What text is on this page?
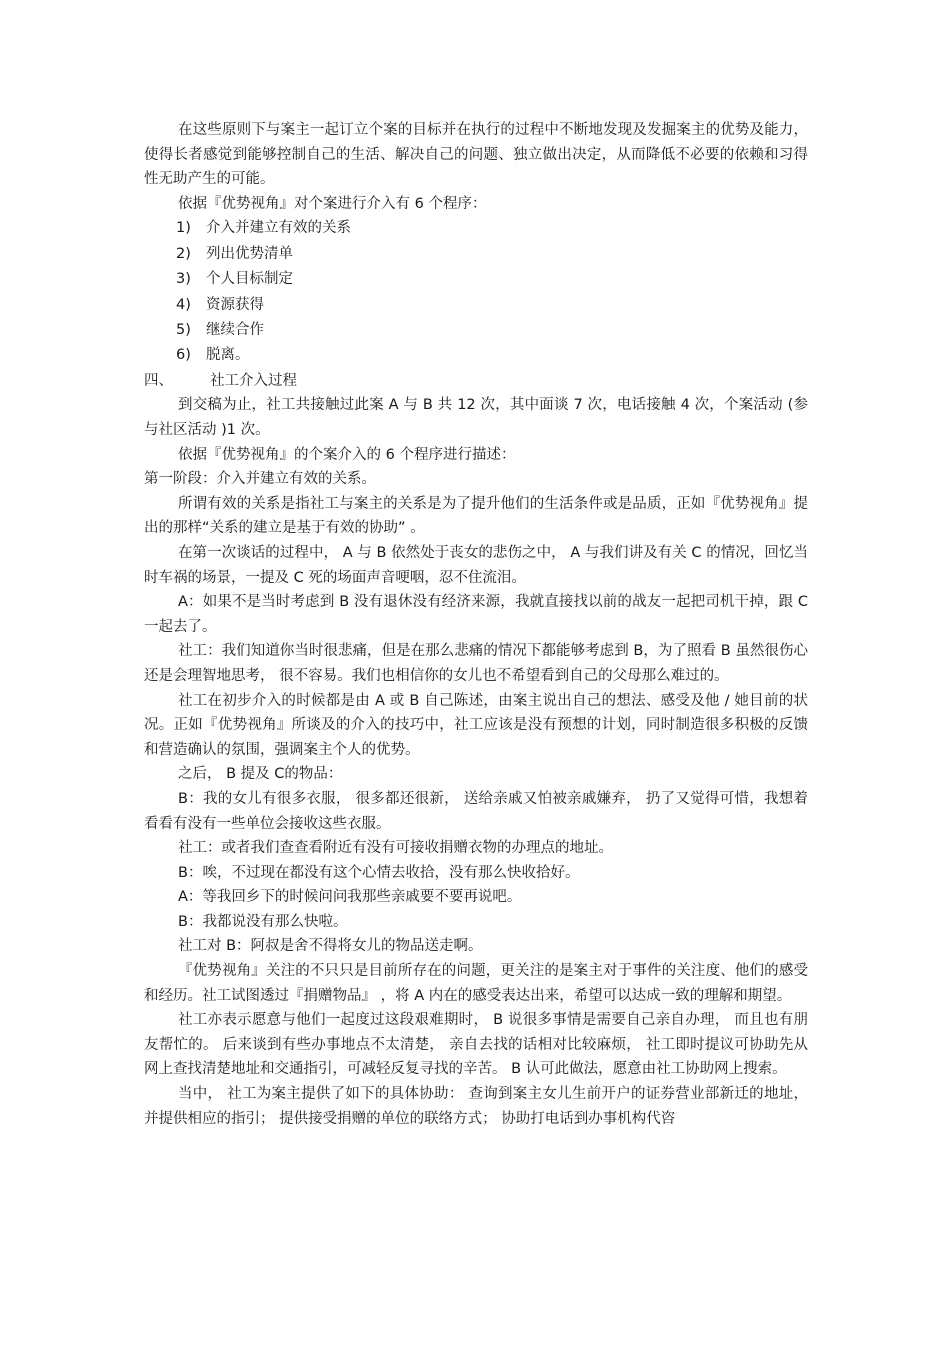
在这些原则下与案主一起订立个案的目标并在执行的过程中不断地发现及发掘案主的优势及能力，使得长者感觉到能够控制自己的生活、解决自己的问题、独立做出决定，从而降低不必要的依赖和习得性无助产生的可能。

依据『优势视角』对个案进行介入有 6 个程序：

1) 介入并建立有效的关系

2) 列出优势清单

3) 个人目标制定

4) 资源获得

5) 继续合作

6) 脱离。

四、	社工介入过程

到交稿为止，社工共接触过此案 A 与 B 共 12 次，其中面谈 7 次，电话接触 4 次，个案活动 (参与社区活动 )1 次。

依据『优势视角』的个案介入的 6 个程序进行描述：

第一阶段：介入并建立有效的关系。

所谓有效的关系是指社工与案主的关系是为了提升他们的生活条件或是品质，正如『优势视角』提出的那样“关系的建立是基于有效的协助” 。

在第一次谈话的过程中， A 与 B 依然处于丧女的悲伤之中， A 与我们讲及有关 C 的情况，回忆当时车祸的场景，一提及 C 死的场面声音哽咽，忍不住流泪。

A：如果不是当时考虑到 B 没有退休没有经济来源，我就直接找以前的战友一起把司机干掉，跟 C 一起去了。

社工：我们知道你当时很悲痛，但是在那么悲痛的情况下都能够考虑到 B，为了照看 B 虽然很伤心还是会理智地思考， 很不容易。我们也相信你的女儿也不希望看到自己的父母那么难过的。

社工在初步介入的时候都是由 A 或 B 自己陈述，由案主说出自己的想法、感受及他 / 她目前的状况。正如『优势视角』所谈及的介入的技巧中，社工应该是没有预想的计划，同时制造很多积极的反馈和营造确认的氛围，强调案主个人的优势。

之后， B 提及 C的物品：

B：我的女儿有很多衣服， 很多都还很新， 送给亲戚又怕被亲戚嫌弃， 扔了又觉得可惜，我想着看看有没有一些单位会接收这些衣服。

社工：或者我们查查看附近有没有可接收捐赠衣物的办理点的地址。

B：唉，不过现在都没有这个心情去收拾，没有那么快收拾好。

A：等我回乡下的时候问问我那些亲戚要不要再说吧。

B：我都说没有那么快啦。

社工对 B：阿叔是舍不得将女儿的物品送走啊。

『优势视角』关注的不只只是目前所存在的问题，更关注的是案主对于事件的关注度、他们的感受和经历。社工试图透过『捐赠物品』 ，将 A 内在的感受表达出来，希望可以达成一致的理解和期望。

社工亦表示愿意与他们一起度过这段艰难期时， B 说很多事情是需要自己亲自办理， 而且也有朋友帮忙的。 后来谈到有些办事地点不太清楚， 亲自去找的话相对比较麻烦， 社工即时提议可协助先从网上查找清楚地址和交通指引，可减轻反复寻找的辛苦。 B 认可此做法，愿意由社工协助网上搜索。

当中， 社工为案主提供了如下的具体协助： 查询到案主女儿生前开户的证券营业部新迁的地址， 并提供相应的指引； 提供接受捐赠的单位的联络方式； 协助打电话到办事机构代咨
